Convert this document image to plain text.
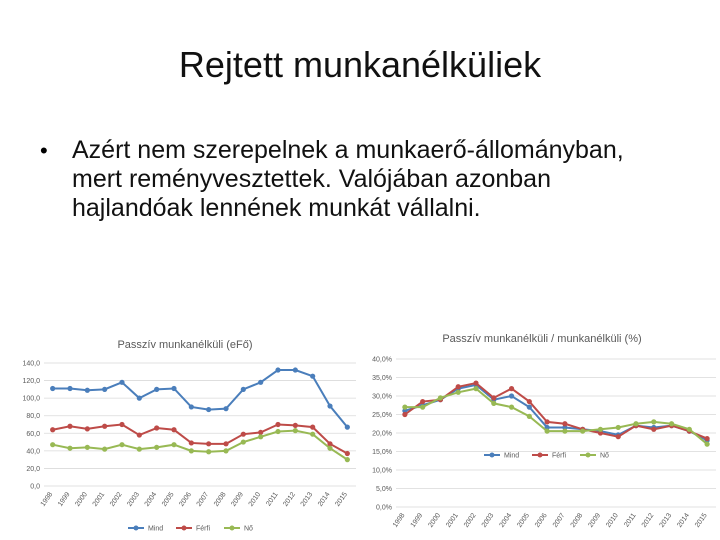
Rejtett munkanélküliek
• Azért nem szerepelnek a munkaerő-állományban, mert reményvesztettek. Valójában azonban hajlandóak lennének munkát vállalni.
Passzív munkanélküli (eFő)
0,0
20,0
40,0
60,0
80,0
100,0
120,0
140,0
1998 1999 2000 2001 2002 2003 2004 2005 2006 2007 2008 2009 2010 2011 2012 2013 2014 2015
Mind	Férfi	Nő
Passzív munkanélküli / munkanélküli (%)
0,0%
5,0%
10,0%
15,0%
20,0%
25,0%
30,0%
35,0%
40,0%
1998 1999 2000 2001 2002 2003 2004 2005 2006 2007 2008 2009 2010 2011 2012 2013 2014 2015
Mind	Férfi	Nő
